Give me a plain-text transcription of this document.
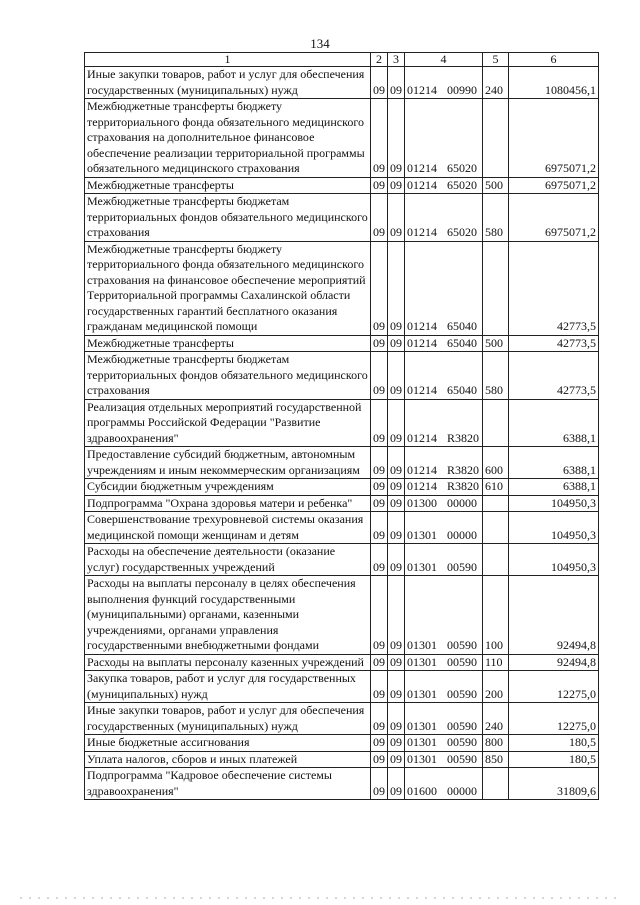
134
1	2	3	4	5	6
Иные закупки товаров, работ и услуг для обеспечения государственных (муниципальных) нужд	09	09	01214 00990	240	1080456,1
Межбюджетные трансферты бюджету территориального фонда обязательного медицинского страхования на дополнительное финансовое обеспечение реализации территориальной программы обязательного медицинского страхования	09	09	01214 65020		6975071,2
Межбюджетные трансферты	09	09	01214 65020	500	6975071,2
Межбюджетные трансферты бюджетам территориальных фондов обязательного медицинского страхования	09	09	01214 65020	580	6975071,2
Межбюджетные трансферты бюджету территориального фонда обязательного медицинского страхования на финансовое обеспечение мероприятий Территориальной программы Сахалинской области государственных гарантий бесплатного оказания гражданам медицинской помощи	09	09	01214 65040		42773,5
Межбюджетные трансферты	09	09	01214 65040	500	42773,5
Межбюджетные трансферты бюджетам территориальных фондов обязательного медицинского страхования	09	09	01214 65040	580	42773,5
Реализация отдельных мероприятий государственной программы Российской Федерации "Развитие здравоохранения"	09	09	01214 R3820		6388,1
Предоставление субсидий бюджетным, автономным учреждениям и иным некоммерческим организациям	09	09	01214 R3820	600	6388,1
Субсидии бюджетным учреждениям	09	09	01214 R3820	610	6388,1
Подпрограмма "Охрана здоровья матери и ребенка"	09	09	01300 00000		104950,3
Совершенствование трехуровневой системы оказания медицинской помощи женщинам и детям	09	09	01301 00000		104950,3
Расходы на обеспечение деятельности (оказание услуг) государственных учреждений	09	09	01301 00590		104950,3
Расходы на выплаты персоналу в целях обеспечения выполнения функций государственными (муниципальными) органами, казенными учреждениями, органами управления государственными внебюджетными фондами	09	09	01301 00590	100	92494,8
Расходы на выплаты персоналу казенных учреждений	09	09	01301 00590	110	92494,8
Закупка товаров, работ и услуг для государственных (муниципальных) нужд	09	09	01301 00590	200	12275,0
Иные закупки товаров, работ и услуг для обеспечения государственных (муниципальных) нужд	09	09	01301 00590	240	12275,0
Иные бюджетные ассигнования	09	09	01301 00590	800	180,5
Уплата налогов, сборов и иных платежей	09	09	01301 00590	850	180,5
Подпрограмма "Кадровое обеспечение системы здравоохранения"	09	09	01600 00000		31809,6
